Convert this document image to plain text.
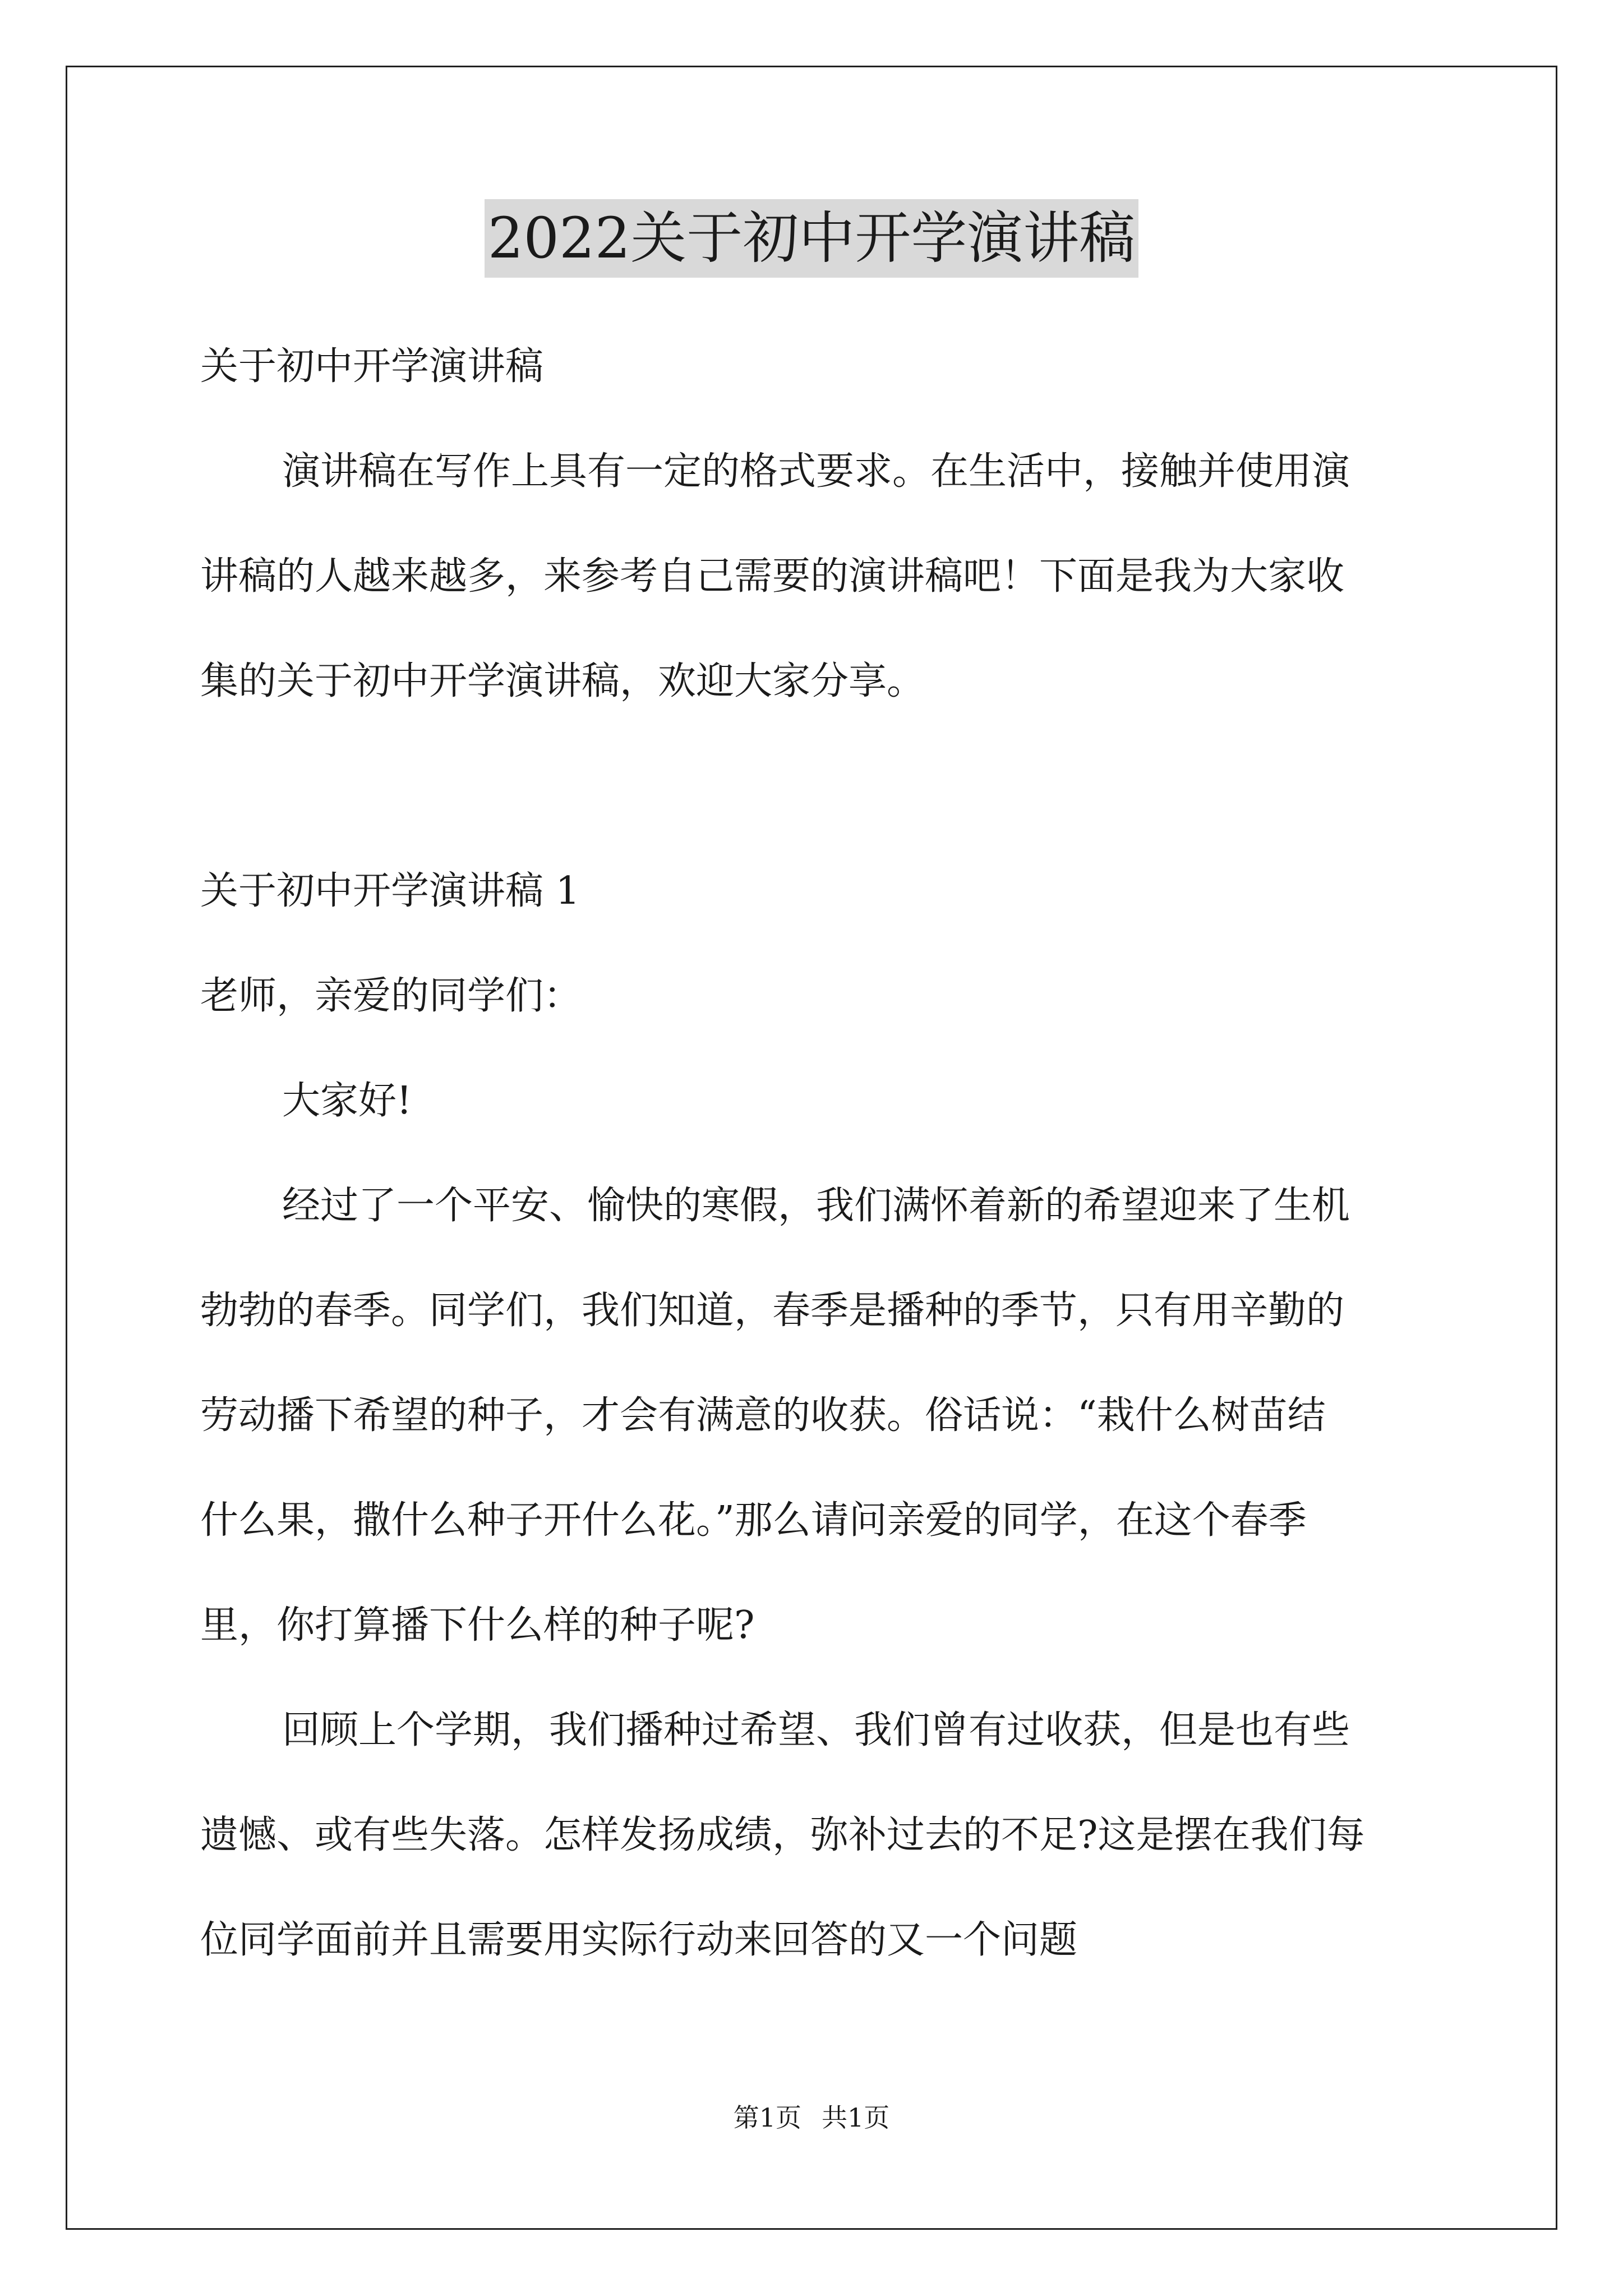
2022关于初中开学演讲稿
关于初中开学演讲稿
演讲稿在写作上具有一定的格式要求。在生活中，接触并使用演
讲稿的人越来越多，来参考自己需要的演讲稿吧！下面是我为大家收
集的关于初中开学演讲稿，欢迎大家分享。
关于初中开学演讲稿 1
老师，亲爱的同学们：
大家好!
经过了一个平安、愉快的寒假，我们满怀着新的希望迎来了生机
勃勃的春季。同学们，我们知道，春季是播种的季节，只有用辛勤的
劳动播下希望的种子，才会有满意的收获。俗话说：“栽什么树苗结
什么果，撒什么种子开什么花。”那么请问亲爱的同学，在这个春季
里，你打算播下什么样的种子呢?
回顾上个学期，我们播种过希望、我们曾有过收获，但是也有些
遗憾、或有些失落。怎样发扬成绩，弥补过去的不足?这是摆在我们每
位同学面前并且需要用实际行动来回答的又一个问题
第1页 共1页
